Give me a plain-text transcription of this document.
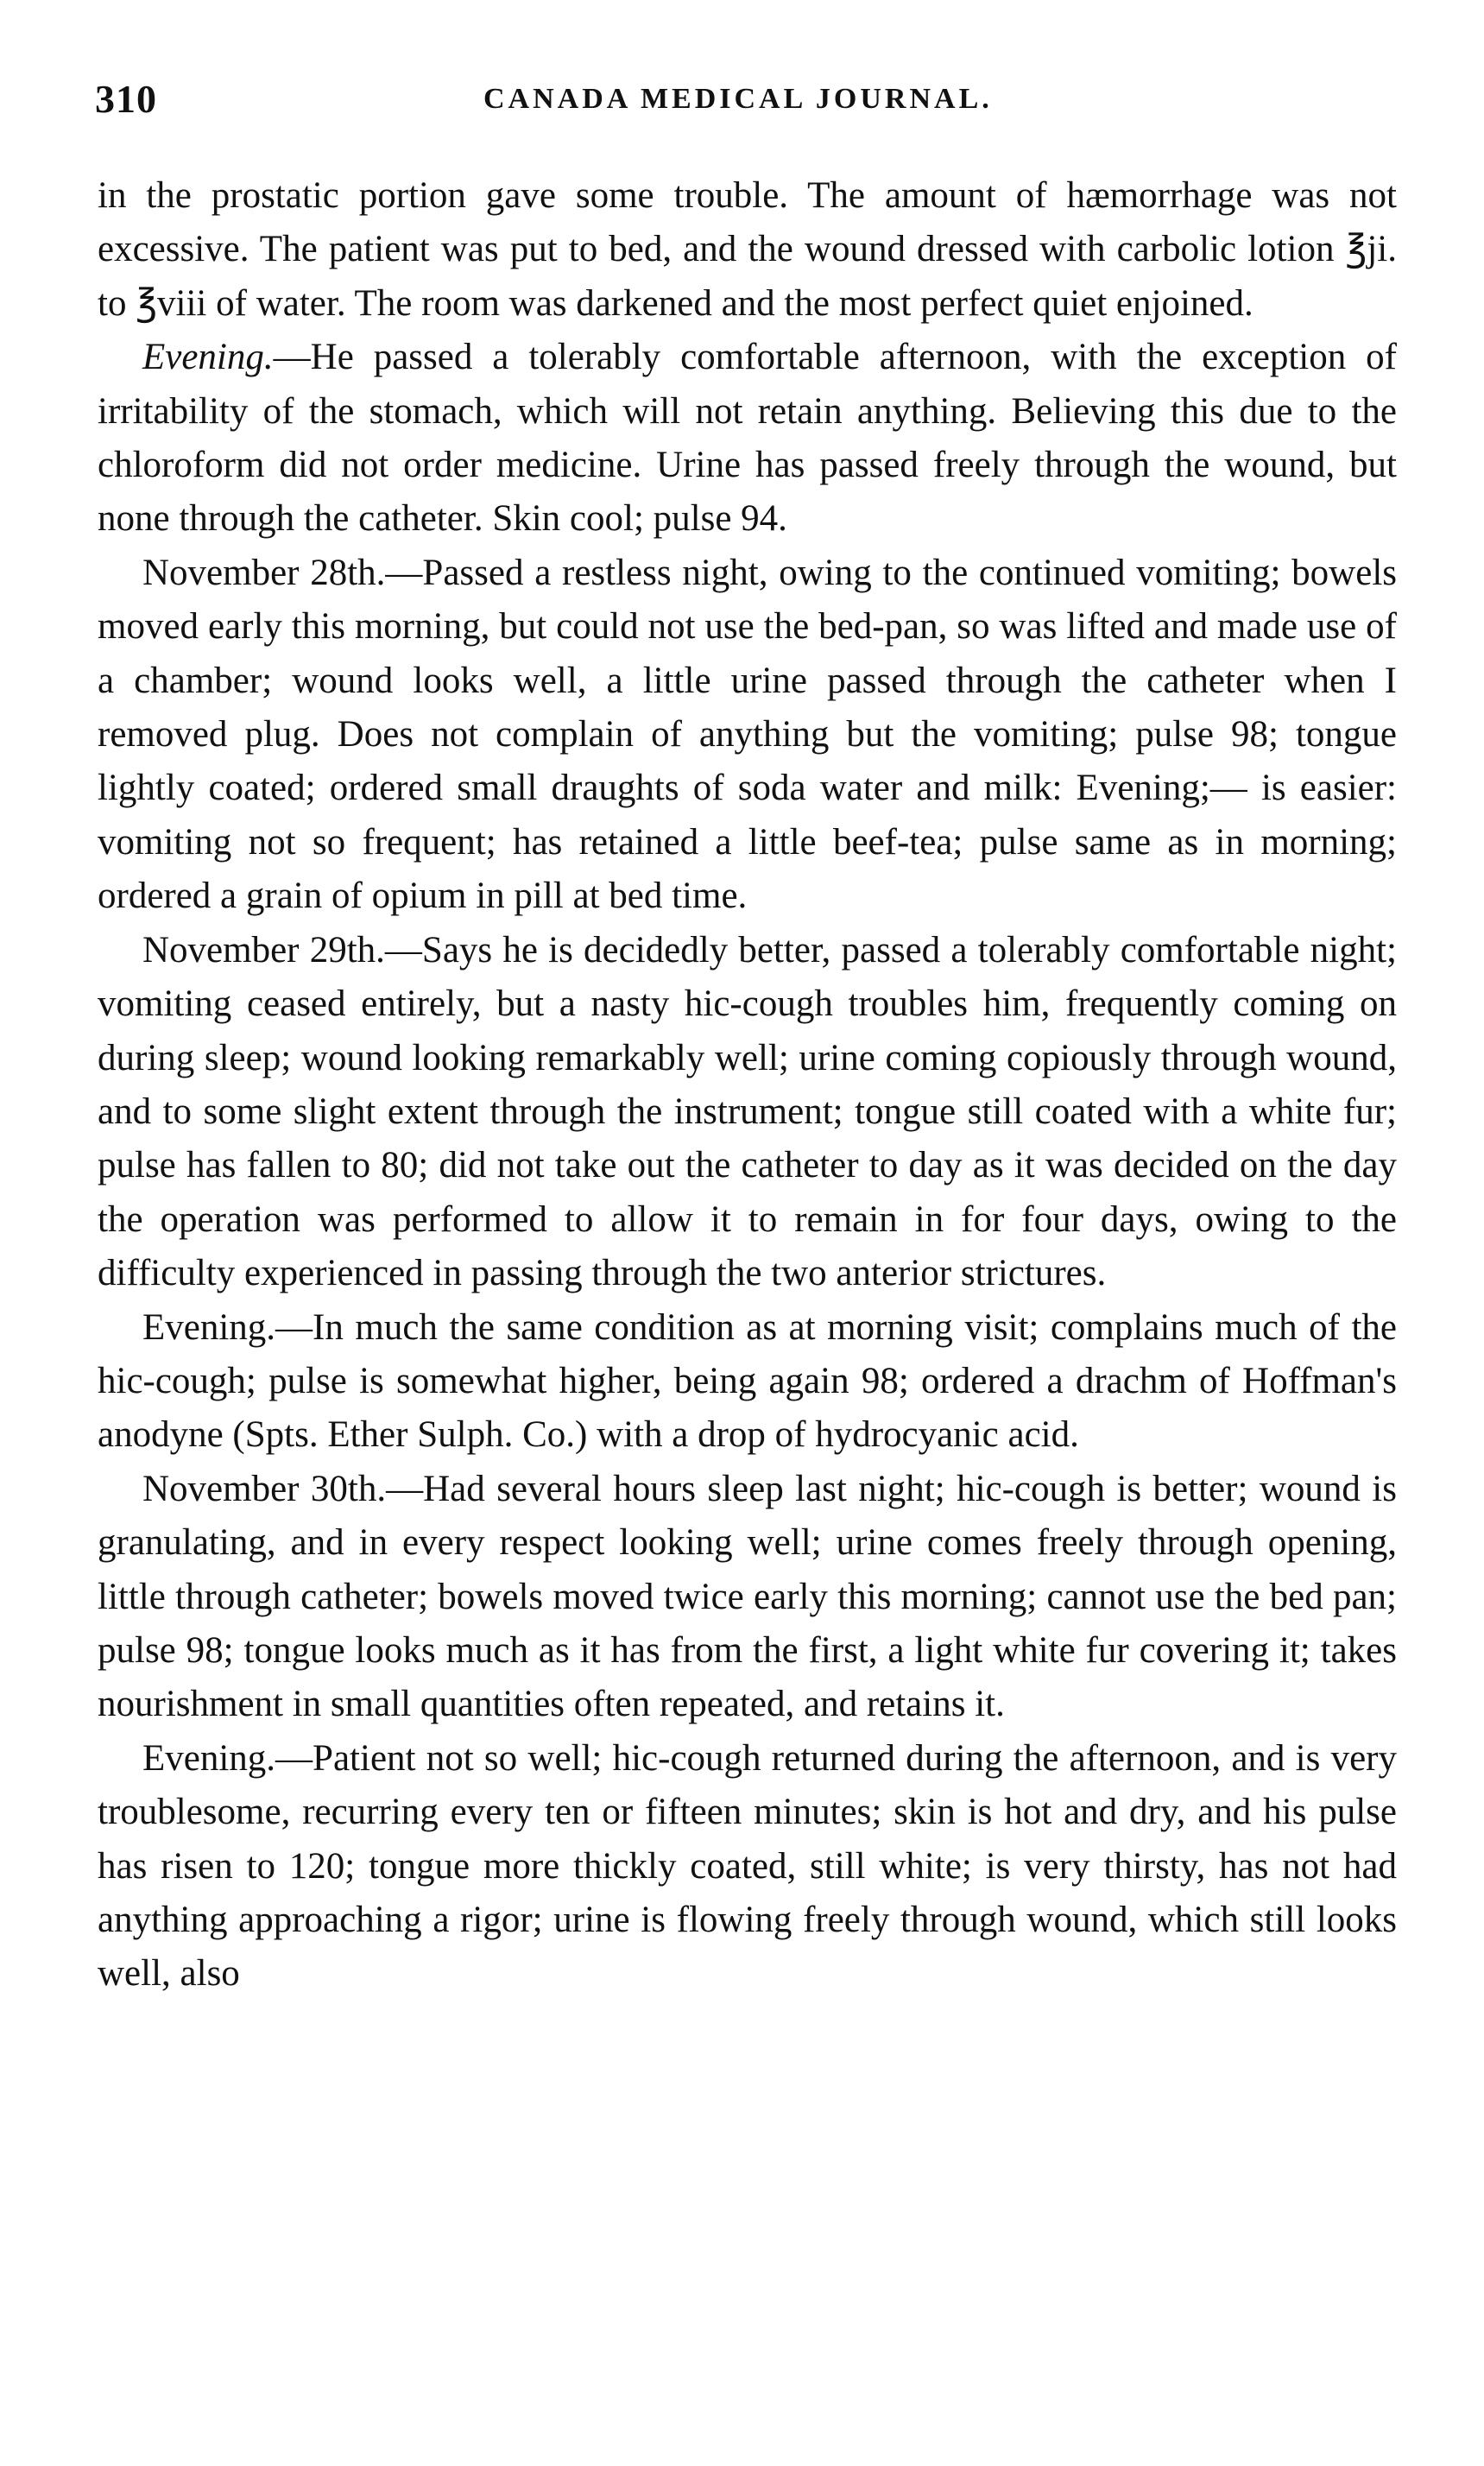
310	CANADA MEDICAL JOURNAL.

in the prostatic portion gave some trouble. The amount of hæmorrhage was not excessive. The patient was put to bed, and the wound dressed with carbolic lotion ℥ji. to ℥viii of water. The room was darkened and the most perfect quiet enjoined.

Evening.—He passed a tolerably comfortable afternoon, with the exception of irritability of the stomach, which will not retain anything. Believing this due to the chloroform did not order medicine. Urine has passed freely through the wound, but none through the catheter. Skin cool; pulse 94.

November 28th.—Passed a restless night, owing to the continued vomiting; bowels moved early this morning, but could not use the bed-pan, so was lifted and made use of a chamber; wound looks well, a little urine passed through the catheter when I removed plug. Does not complain of anything but the vomiting; pulse 98; tongue lightly coated; ordered small draughts of soda water and milk: Evening;— is easier: vomiting not so frequent; has retained a little beef-tea; pulse same as in morning; ordered a grain of opium in pill at bed time.

November 29th.—Says he is decidedly better, passed a tolerably comfortable night; vomiting ceased entirely, but a nasty hic-cough troubles him, frequently coming on during sleep; wound looking remarkably well; urine coming copiously through wound, and to some slight extent through the instrument; tongue still coated with a white fur; pulse has fallen to 80; did not take out the catheter to day as it was decided on the day the operation was performed to allow it to remain in for four days, owing to the difficulty experienced in passing through the two anterior strictures.

Evening.—In much the same condition as at morning visit; complains much of the hic-cough; pulse is somewhat higher, being again 98; ordered a drachm of Hoffman's anodyne (Spts. Ether Sulph. Co.) with a drop of hydrocyanic acid.

November 30th.—Had several hours sleep last night; hic-cough is better; wound is granulating, and in every respect looking well; urine comes freely through opening, little through catheter; bowels moved twice early this morning; cannot use the bed pan; pulse 98; tongue looks much as it has from the first, a light white fur covering it; takes nourishment in small quantities often repeated, and retains it.

Evening.—Patient not so well; hic-cough returned during the afternoon, and is very troublesome, recurring every ten or fifteen minutes; skin is hot and dry, and his pulse has risen to 120; tongue more thickly coated, still white; is very thirsty, has not had anything approaching a rigor; urine is flowing freely through wound, which still looks well, also
